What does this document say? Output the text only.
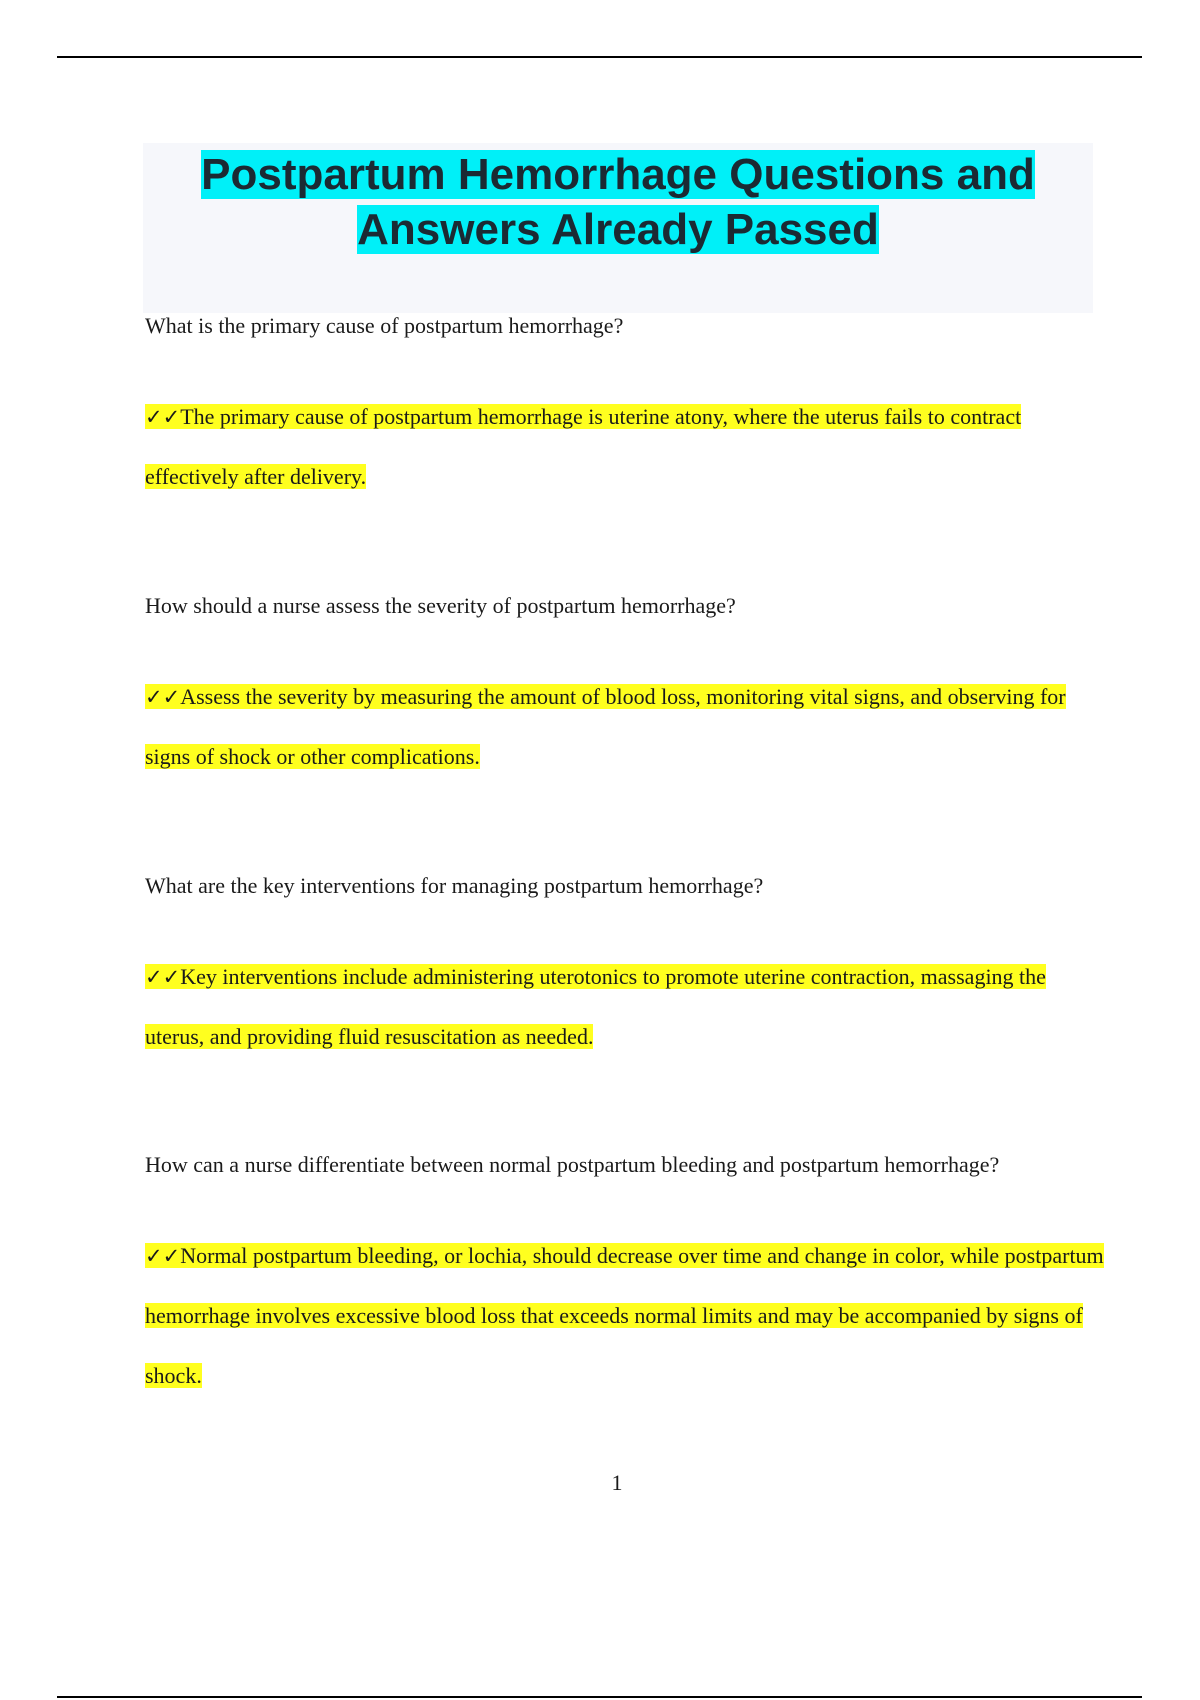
Postpartum Hemorrhage Questions and Answers Already Passed

What is the primary cause of postpartum hemorrhage?

✓✓The primary cause of postpartum hemorrhage is uterine atony, where the uterus fails to contract effectively after delivery.

How should a nurse assess the severity of postpartum hemorrhage?

✓✓Assess the severity by measuring the amount of blood loss, monitoring vital signs, and observing for signs of shock or other complications.

What are the key interventions for managing postpartum hemorrhage?

✓✓Key interventions include administering uterotonics to promote uterine contraction, massaging the uterus, and providing fluid resuscitation as needed.

How can a nurse differentiate between normal postpartum bleeding and postpartum hemorrhage?

✓✓Normal postpartum bleeding, or lochia, should decrease over time and change in color, while postpartum hemorrhage involves excessive blood loss that exceeds normal limits and may be accompanied by signs of shock.

1
